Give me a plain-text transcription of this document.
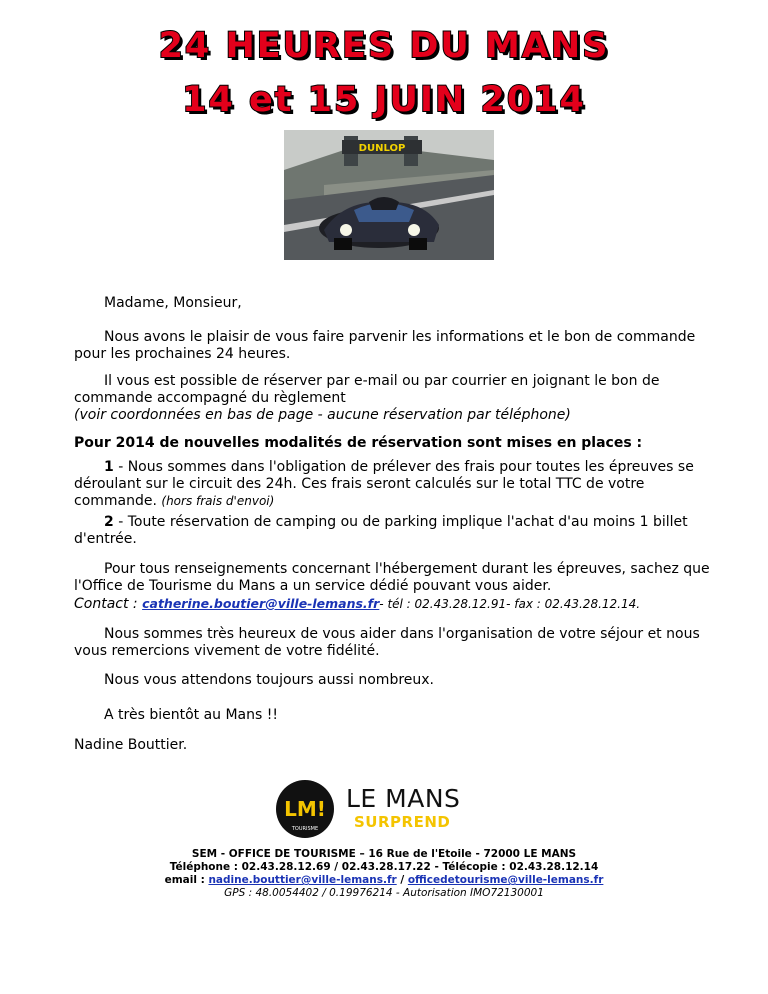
24 HEURES DU MANS
14 et 15 JUIN 2014
DUNLOP
Madame, Monsieur,
Nous avons le plaisir de vous faire parvenir les informations et le bon de commande pour les prochaines 24 heures.
Il vous est possible de réserver par e-mail ou par courrier en joignant le bon de commande accompagné du règlement
(voir coordonnées en bas de page - aucune réservation par téléphone)
Pour 2014 de nouvelles modalités de réservation sont mises en places :
1 - Nous sommes dans l'obligation de prélever des frais pour toutes les épreuves se déroulant sur le circuit des 24h. Ces frais seront calculés sur le total TTC de votre commande. (hors frais d'envoi)
2 - Toute réservation de camping ou de parking implique l'achat d'au moins 1 billet d'entrée.
Pour tous renseignements concernant l'hébergement durant les épreuves, sachez que l'Office de Tourisme du Mans a un service dédié pouvant vous aider.
Contact : catherine.boutier@ville-lemans.fr- tél : 02.43.28.12.91- fax : 02.43.28.12.14.
Nous sommes très heureux de vous aider dans l'organisation de votre séjour et nous vous remercions vivement de votre fidélité.
Nous vous attendons toujours aussi nombreux.
A très bientôt au Mans !!
Nadine Bouttier.
LM!
TOURISME
LE MANS
SURPREND
SEM - OFFICE DE TOURISME – 16 Rue de l'Etoile - 72000 LE MANS
Téléphone : 02.43.28.12.69 / 02.43.28.17.22 - Télécopie : 02.43.28.12.14
email : nadine.bouttier@ville-lemans.fr / officedetourisme@ville-lemans.fr
GPS : 48.0054402 / 0.19976214 - Autorisation IMO72130001
